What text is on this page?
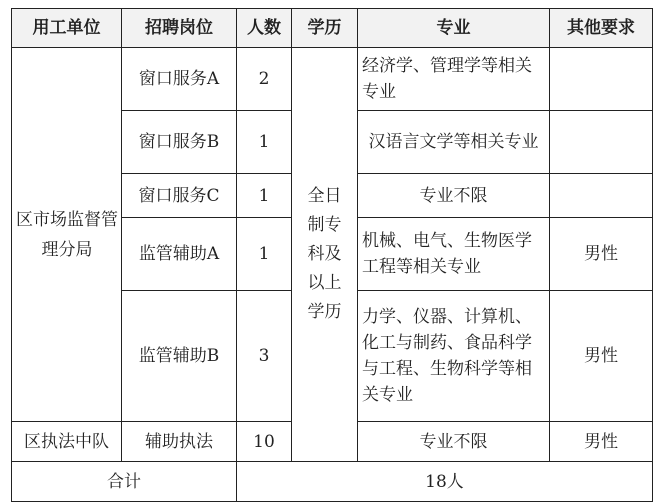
用工单位	招聘岗位	人数	学历	专业	其他要求
区市场监督管理分局	窗口服务A	2	全日制专科及以上学历	经济学、管理学等相关专业	
	窗口服务B	1		汉语言文学等相关专业	
	窗口服务C	1		专业不限	
	监管辅助A	1		机械、电气、生物医学工程等相关专业	男性
	监管辅助B	3		力学、仪器、计算机、化工与制药、食品科学与工程、生物科学等相关专业	男性
区执法中队	辅助执法	10		专业不限	男性
合计		18人			
